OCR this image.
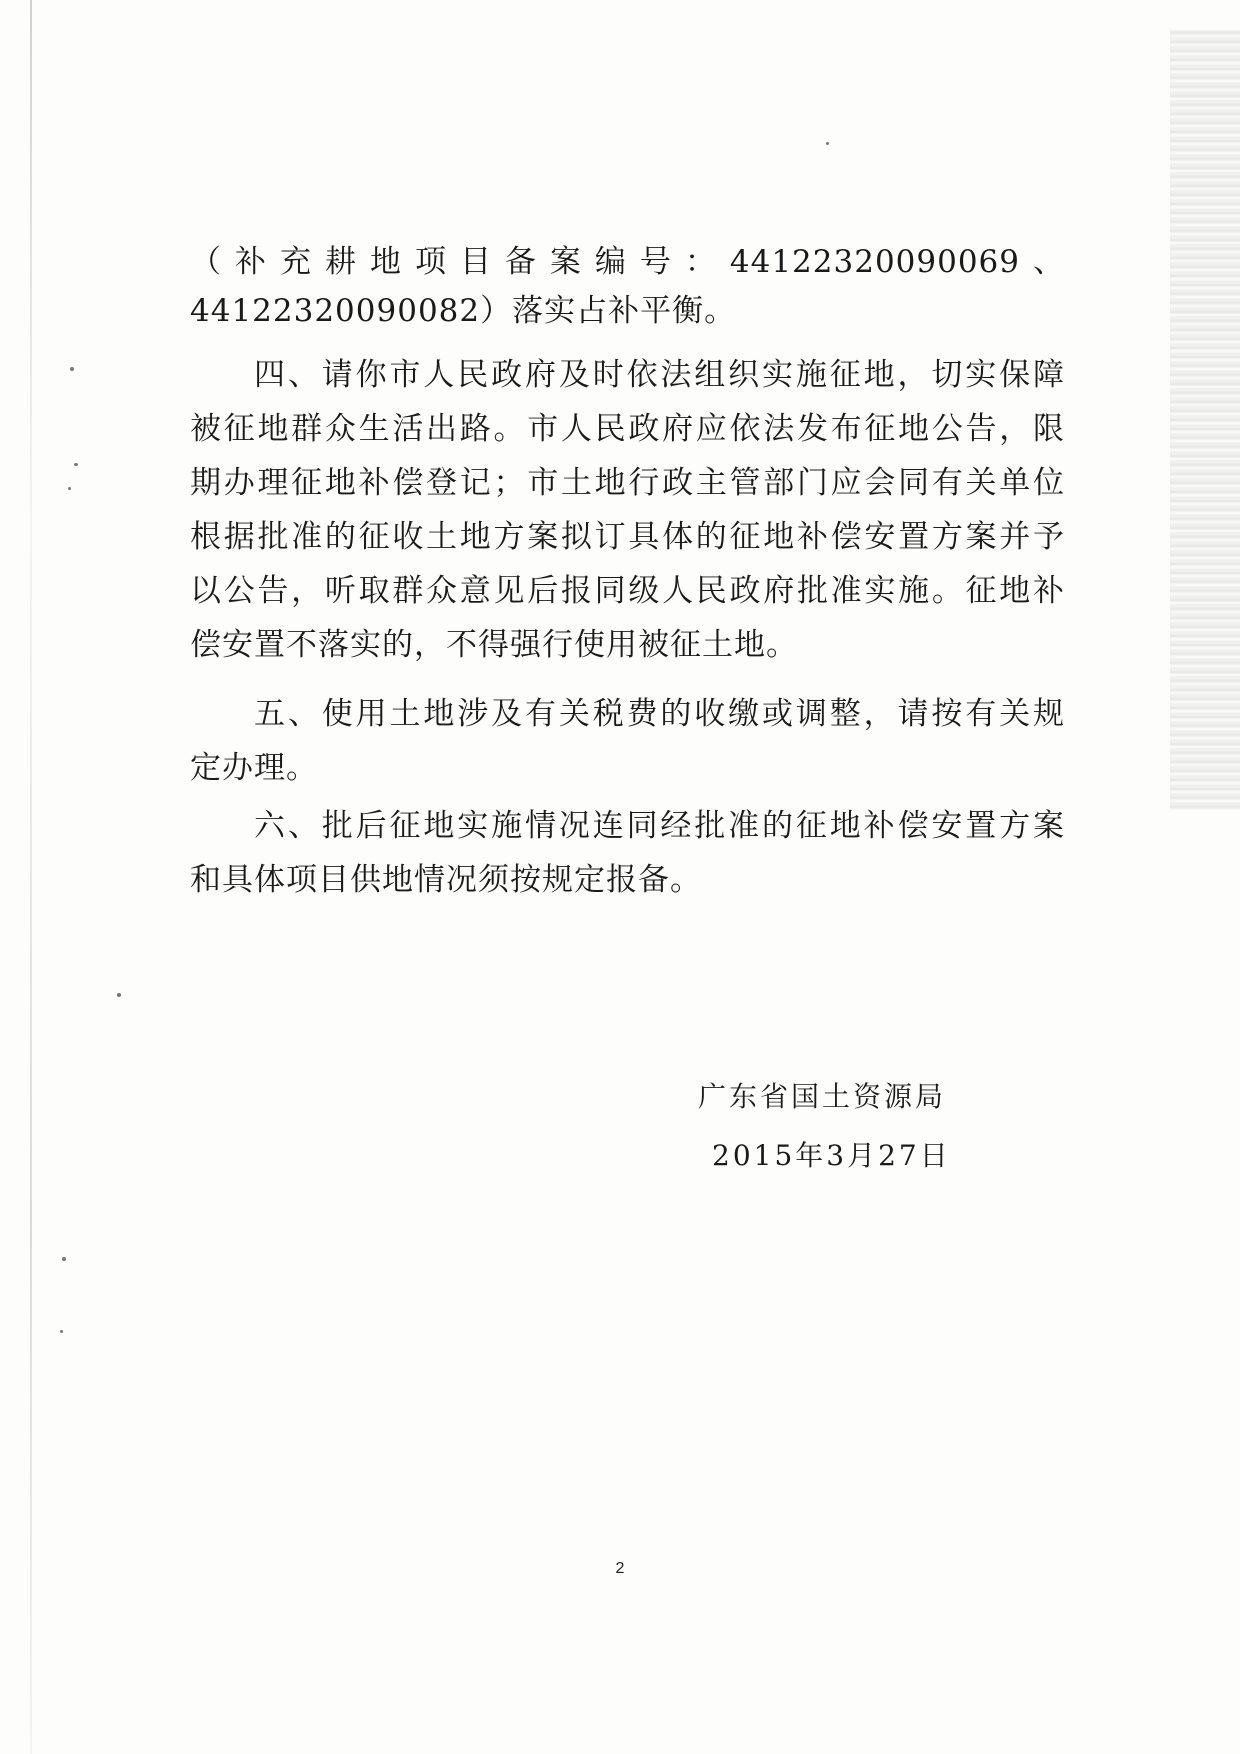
（补充耕地项目备案编号：44122320090069、
44122320090082）落实占补平衡。
四、请你市人民政府及时依法组织实施征地，切实保障
被征地群众生活出路。市人民政府应依法发布征地公告，限
期办理征地补偿登记；市土地行政主管部门应会同有关单位
根据批准的征收土地方案拟订具体的征地补偿安置方案并予
以公告，听取群众意见后报同级人民政府批准实施。征地补
偿安置不落实的，不得强行使用被征土地。
五、使用土地涉及有关税费的收缴或调整，请按有关规
定办理。
六、批后征地实施情况连同经批准的征地补偿安置方案
和具体项目供地情况须按规定报备。
广东省国土资源局
2015年3月27日
2
